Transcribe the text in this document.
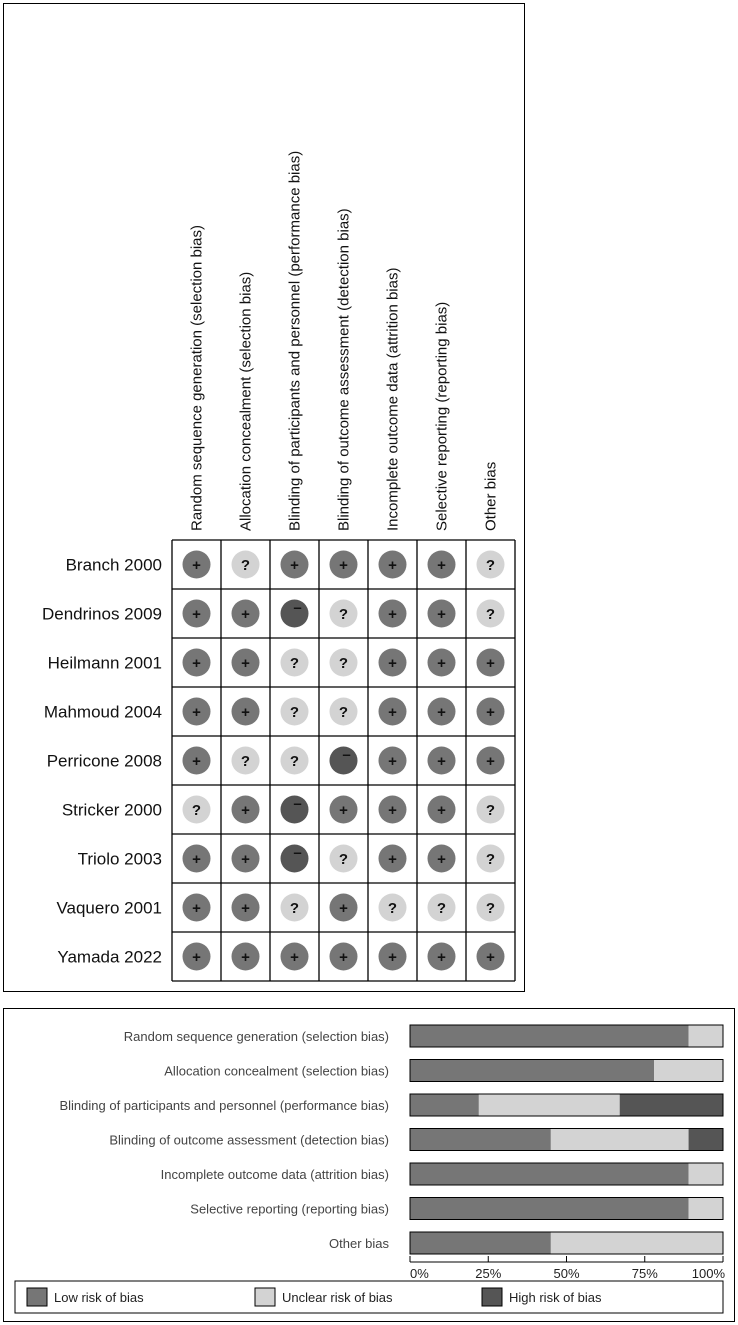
Random sequence generation (selection bias) Allocation concealment (selection bias) Blinding of participants and personnel (performance bias) Blinding of outcome assessment (detection bias) Incomplete outcome data (attrition bias) Selective reporting (reporting bias) Other bias
Branch 2000 +	?	+	+	+	+	?
Dendrinos 2009 +	+	– ?	+	+	?
Heilmann 2001 +	+	?	?	+	+	+
Mahmoud 2004 +	+	?	?	+	+	+
Perricone 2008 +	?	?	– +	+	+
Stricker 2000 ?	+	– +	+	+	?
Triolo 2003 +	+	– ?	+	+	?
Vaquero 2001 +	+	?	+	?	?	?
Yamada 2022 +	+	+	+	+	+	+
Random sequence generation (selection bias)
Allocation concealment (selection bias)
Blinding of participants and personnel (performance bias)
Blinding of outcome assessment (detection bias)
Incomplete outcome data (attrition bias)
Selective reporting (reporting bias)
Other bias
0%	25%	50%	75%	100%
Low risk of bias	Unclear risk of bias	High risk of bias
